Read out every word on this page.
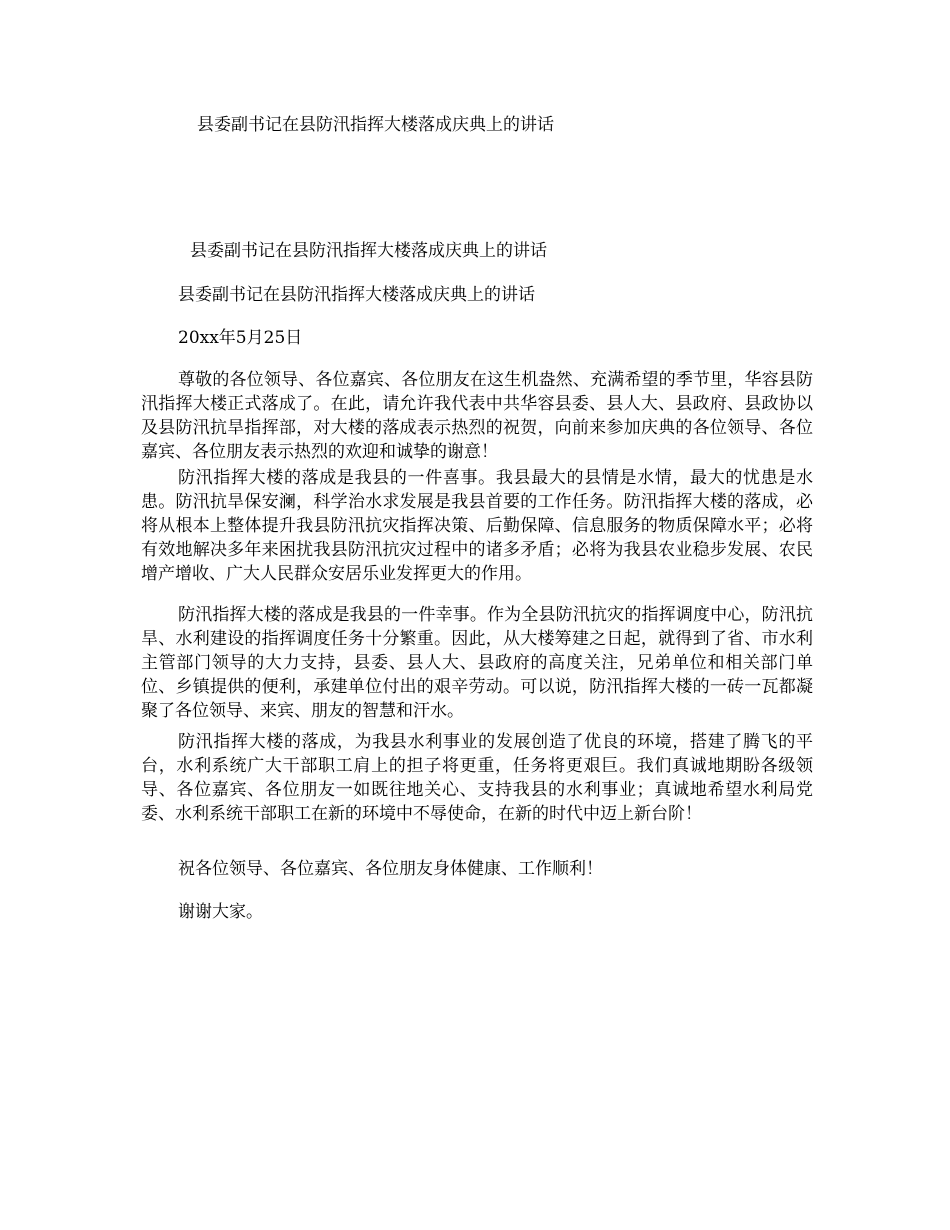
县委副书记在县防汛指挥大楼落成庆典上的讲话
县委副书记在县防汛指挥大楼落成庆典上的讲话
县委副书记在县防汛指挥大楼落成庆典上的讲话
20xx年5月25日

尊敬的各位领导、各位嘉宾、各位朋友在这生机盎然、充满希望的季节里，华容县防汛指挥大楼正式落成了。在此，请允许我代表中共华容县委、县人大、县政府、县政协以及县防汛抗旱指挥部，对大楼的落成表示热烈的祝贺，向前来参加庆典的各位领导、各位嘉宾、各位朋友表示热烈的欢迎和诚挚的谢意！

防汛指挥大楼的落成是我县的一件喜事。我县最大的县情是水情，最大的忧患是水患。防汛抗旱保安澜，科学治水求发展是我县首要的工作任务。防汛指挥大楼的落成，必将从根本上整体提升我县防汛抗灾指挥决策、后勤保障、信息服务的物质保障水平；必将有效地解决多年来困扰我县防汛抗灾过程中的诸多矛盾；必将为我县农业稳步发展、农民增产增收、广大人民群众安居乐业发挥更大的作用。

防汛指挥大楼的落成是我县的一件幸事。作为全县防汛抗灾的指挥调度中心，防汛抗旱、水利建设的指挥调度任务十分繁重。因此，从大楼筹建之日起，就得到了省、市水利主管部门领导的大力支持，县委、县人大、县政府的高度关注，兄弟单位和相关部门单位、乡镇提供的便利，承建单位付出的艰辛劳动。可以说，防汛指挥大楼的一砖一瓦都凝聚了各位领导、来宾、朋友的智慧和汗水。

防汛指挥大楼的落成，为我县水利事业的发展创造了优良的环境，搭建了腾飞的平台，水利系统广大干部职工肩上的担子将更重，任务将更艰巨。我们真诚地期盼各级领导、各位嘉宾、各位朋友一如既往地关心、支持我县的水利事业；真诚地希望水利局党委、水利系统干部职工在新的环境中不辱使命，在新的时代中迈上新台阶！

祝各位领导、各位嘉宾、各位朋友身体健康、工作顺利！
谢谢大家。
